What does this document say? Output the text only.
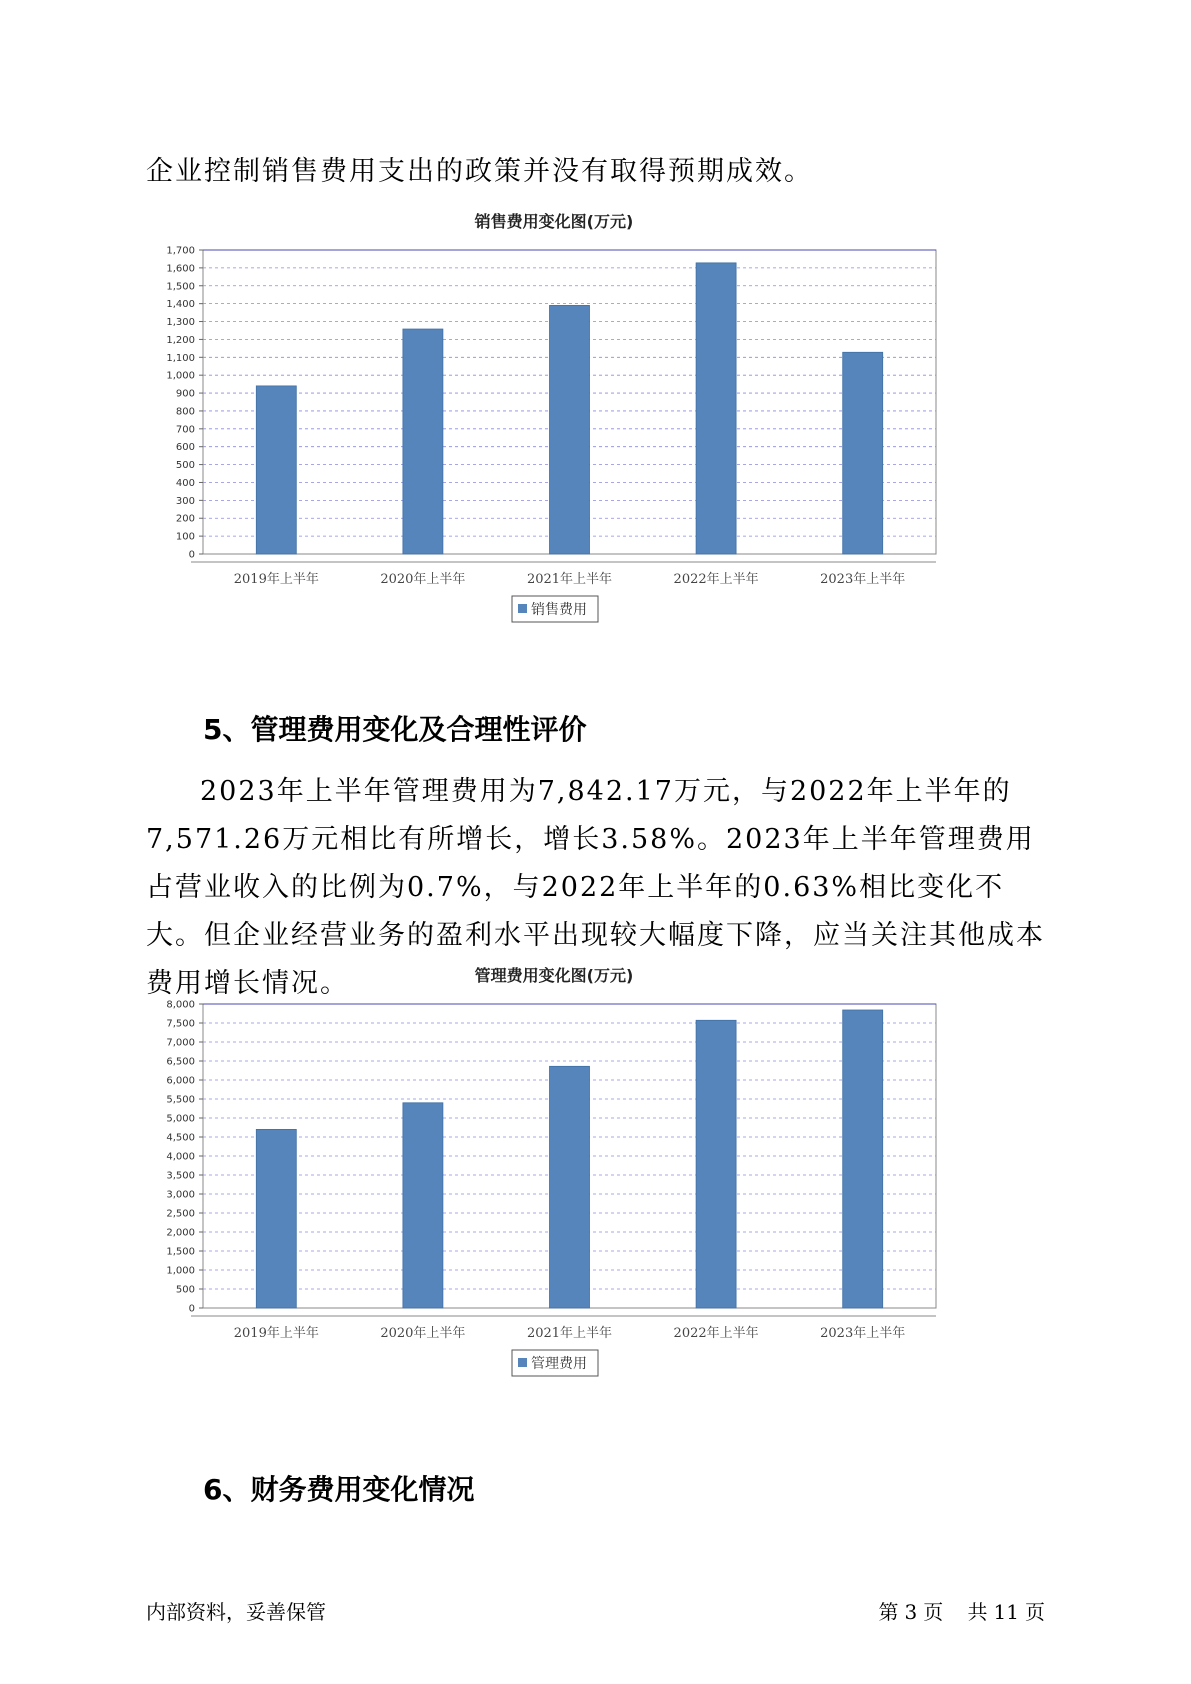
企业控制销售费用支出的政策并没有取得预期成效。

销售费用变化图(万元)
0
100
200
300
400
500
600
700
800
900
1,000
1,100
1,200
1,300
1,400
1,500
1,600
1,700
2019年上半年	2020年上半年	2021年上半年	2022年上半年	2023年上半年
销售费用
5、管理费用变化及合理性评价

2023年上半年管理费用为7,842.17万元，与2022年上半年的7,571.26万元相比有所增长，增长3.58%。2023年上半年管理费用占营业收入的比例为0.7%，与2022年上半年的0.63%相比变化不大。但企业经营业务的盈利水平出现较大幅度下降，应当关注其他成本费用增长情况。	管理费用变化图(万元)
0
500
1,000
1,500
2,000
2,500
3,000
3,500
4,000
4,500
5,000
5,500
6,000
6,500
7,000
7,500
8,000
2019年上半年	2020年上半年	2021年上半年	2022年上半年	2023年上半年
管理费用
6、财务费用变化情况
内部资料，妥善保管	第 3 页 共 11 页
